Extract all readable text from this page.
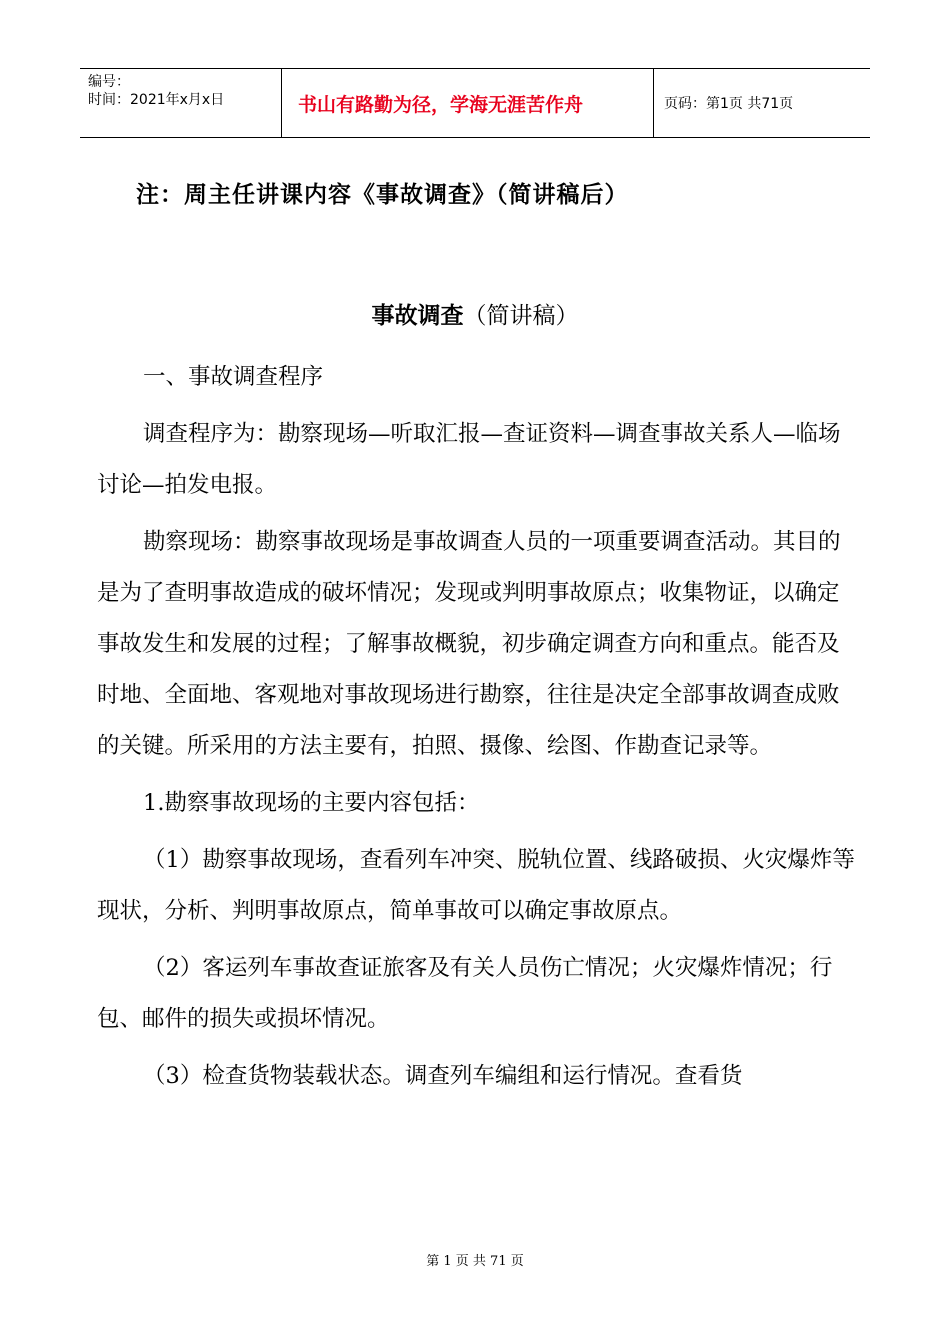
编号：
时间：2021年x月x日	书山有路勤为径，学海无涯苦作舟	页码：第1页 共71页
注：周主任讲课内容《事故调查》（简讲稿后）
事故调查（简讲稿）

一、事故调查程序

调查程序为：勘察现场—听取汇报—查证资料—调查事故关系人—临场讨论—拍发电报。

勘察现场：勘察事故现场是事故调查人员的一项重要调查活动。其目的是为了查明事故造成的破坏情况；发现或判明事故原点；收集物证，以确定事故发生和发展的过程；了解事故概貌，初步确定调查方向和重点。能否及时地、全面地、客观地对事故现场进行勘察，往往是决定全部事故调查成败的关键。所采用的方法主要有，拍照、摄像、绘图、作勘查记录等。

1.勘察事故现场的主要内容包括：

（1）勘察事故现场，查看列车冲突、脱轨位置、线路破损、火灾爆炸等现状，分析、判明事故原点，简单事故可以确定事故原点。

（2）客运列车事故查证旅客及有关人员伤亡情况；火灾爆炸情况；行包、邮件的损失或损坏情况。

（3）检查货物装载状态。调查列车编组和运行情况。查看货

第 1 页 共 71 页
